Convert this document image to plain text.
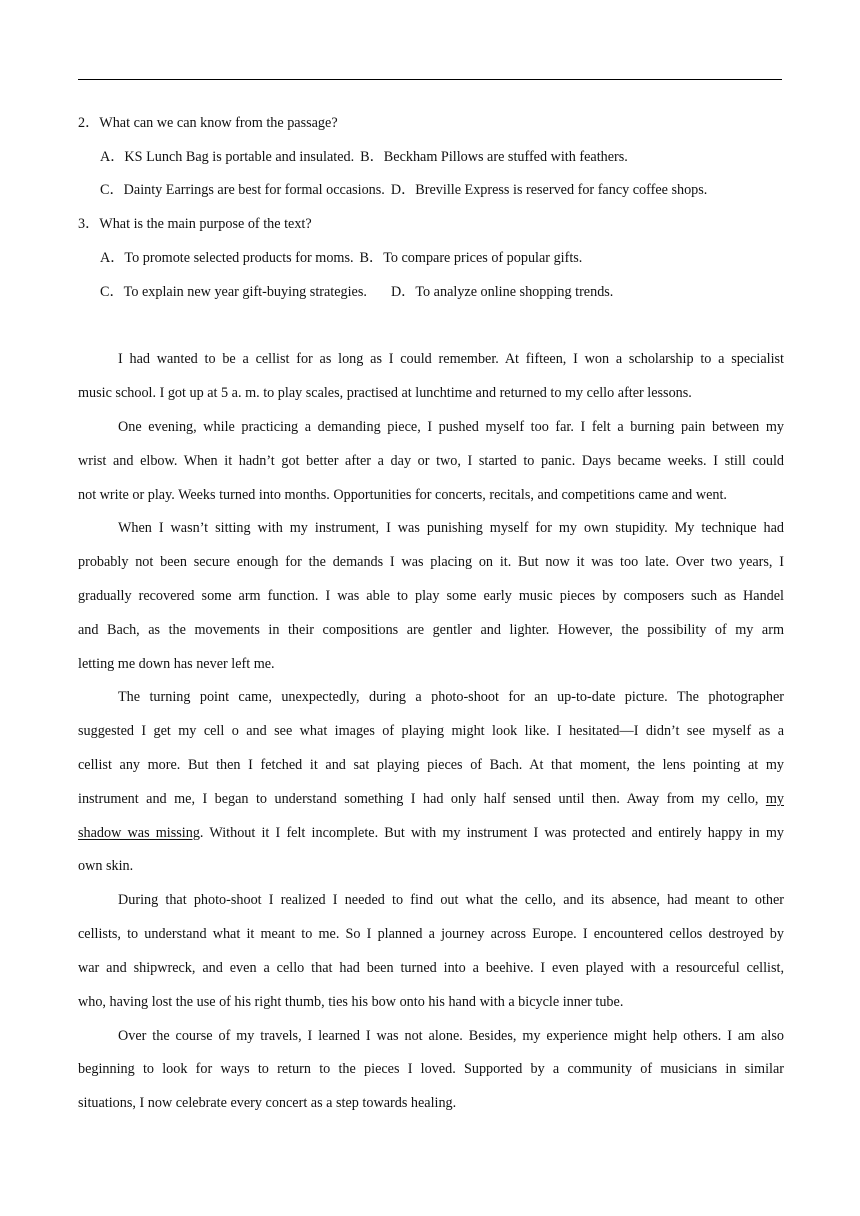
2．What can we can know from the passage?
A．KS Lunch Bag is portable and insulated. B．Beckham Pillows are stuffed with feathers.
C．Dainty Earrings are best for formal occasions. D．Breville Express is reserved for fancy coffee shops.
3．What is the main purpose of the text?
A．To promote selected products for moms. B．To compare prices of popular gifts.
C．To explain new year gift-buying strategies. D．To analyze online shopping trends.
I had wanted to be a cellist for as long as I could remember. At fifteen, I won a scholarship to a specialist
music school. I got up at 5 a. m. to play scales, practised at lunchtime and returned to my cello after lessons.
One evening, while practicing a demanding piece, I pushed myself too far. I felt a burning pain between my
wrist and elbow. When it hadn’t got better after a day or two, I started to panic. Days became weeks. I still could
not write or play. Weeks turned into months. Opportunities for concerts, recitals, and competitions came and went.
When I wasn’t sitting with my instrument, I was punishing myself for my own stupidity. My technique had
probably not been secure enough for the demands I was placing on it. But now it was too late. Over two years, I
gradually recovered some arm function. I was able to play some early music pieces by composers such as Handel
and Bach, as the movements in their compositions are gentler and lighter. However, the possibility of my arm
letting me down has never left me.
The turning point came, unexpectedly, during a photo-shoot for an up-to-date picture. The photographer
suggested I get my cell o and see what images of playing might look like. I hesitated—I didn’t see myself as a
cellist any more. But then I fetched it and sat playing pieces of Bach. At that moment, the lens pointing at my
instrument and me, I began to understand something I had only half sensed until then. Away from my cello, my
shadow was missing. Without it I felt incomplete. But with my instrument I was protected and entirely happy in my
own skin.
During that photo-shoot I realized I needed to find out what the cello, and its absence, had meant to other
cellists, to understand what it meant to me. So I planned a journey across Europe. I encountered cellos destroyed by
war and shipwreck, and even a cello that had been turned into a beehive. I even played with a resourceful cellist,
who, having lost the use of his right thumb, ties his bow onto his hand with a bicycle inner tube.
Over the course of my travels, I learned I was not alone. Besides, my experience might help others. I am also
beginning to look for ways to return to the pieces I loved. Supported by a community of musicians in similar
situations, I now celebrate every concert as a step towards healing.
